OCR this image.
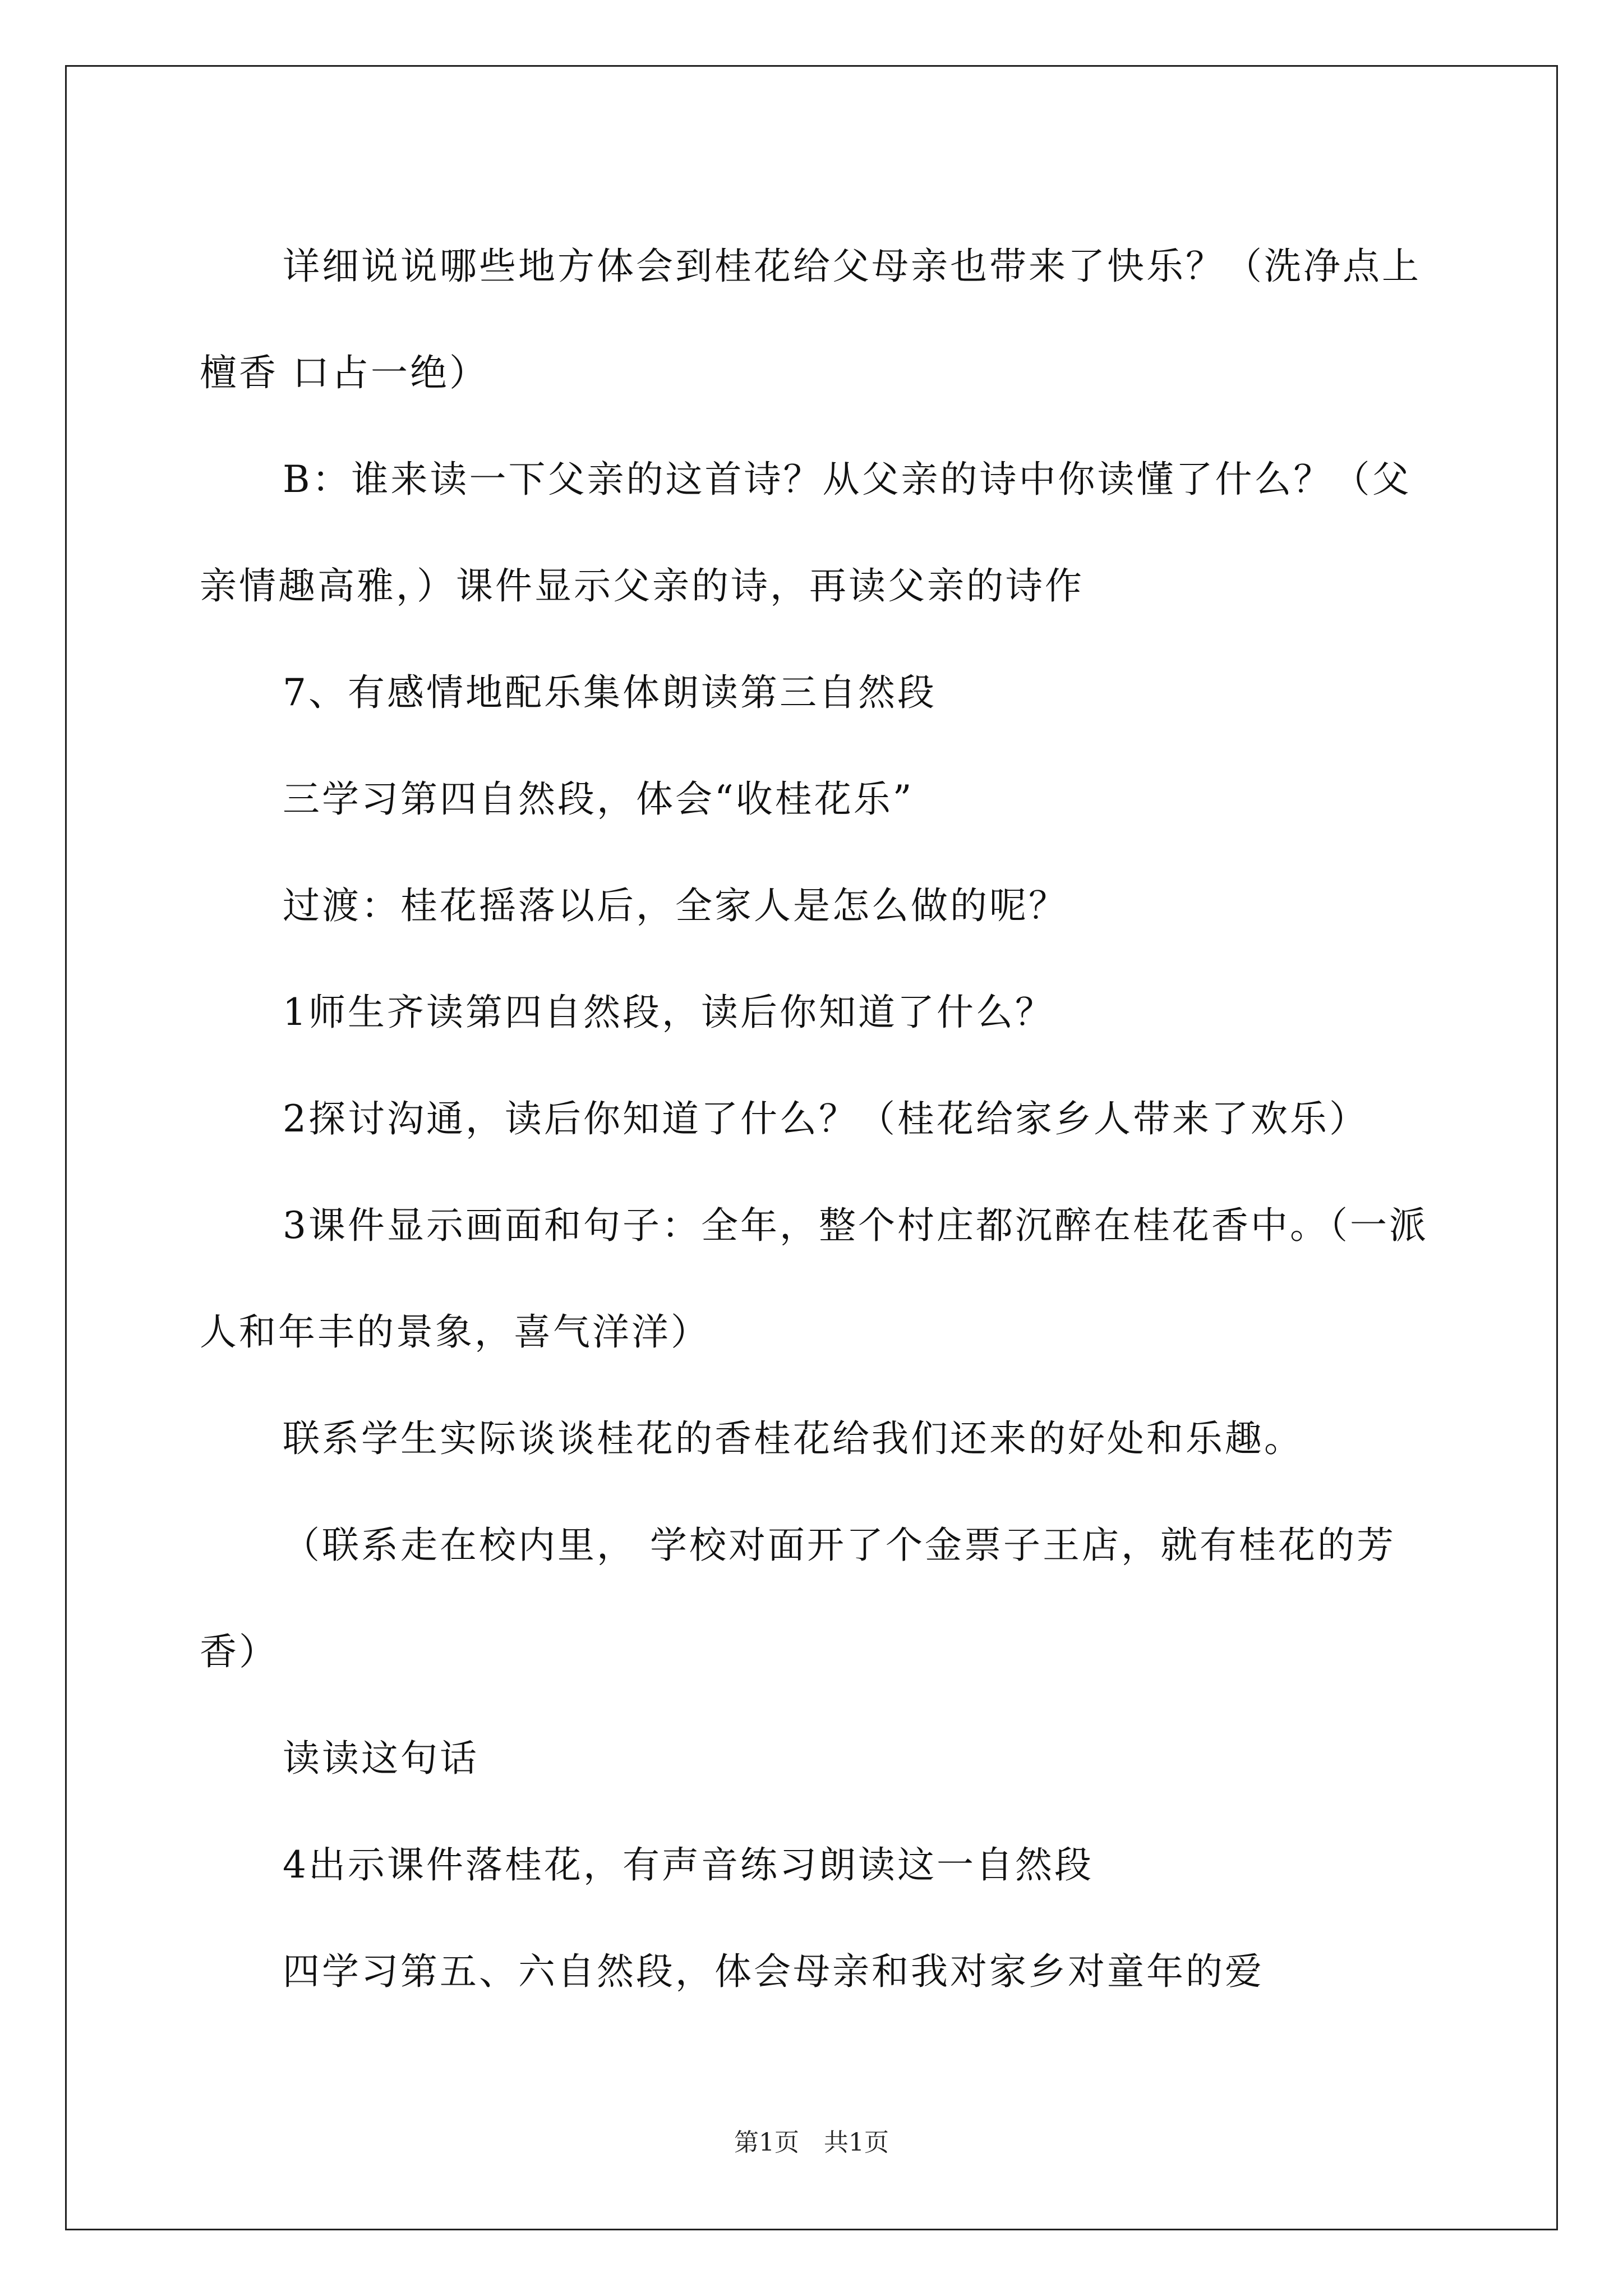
详细说说哪些地方体会到桂花给父母亲也带来了快乐？（洗净点上檀香 口占一绝）

B：谁来读一下父亲的这首诗？从父亲的诗中你读懂了什么？（父亲情趣高雅，）课件显示父亲的诗，再读父亲的诗作

7、有感情地配乐集体朗读第三自然段

三学习第四自然段，体会“收桂花乐”

过渡：桂花摇落以后，全家人是怎么做的呢？

1师生齐读第四自然段，读后你知道了什么？

2探讨沟通，读后你知道了什么？（桂花给家乡人带来了欢乐）

3课件显示画面和句子：全年，整个村庄都沉醉在桂花香中。（一派人和年丰的景象，喜气洋洋）

联系学生实际谈谈桂花的香桂花给我们还来的好处和乐趣。

（联系走在校内里， 学校对面开了个金票子王店，就有桂花的芳香）

读读这句话

4出示课件落桂花，有声音练习朗读这一自然段

四学习第五、六自然段，体会母亲和我对家乡对童年的爱

第1页　共1页
